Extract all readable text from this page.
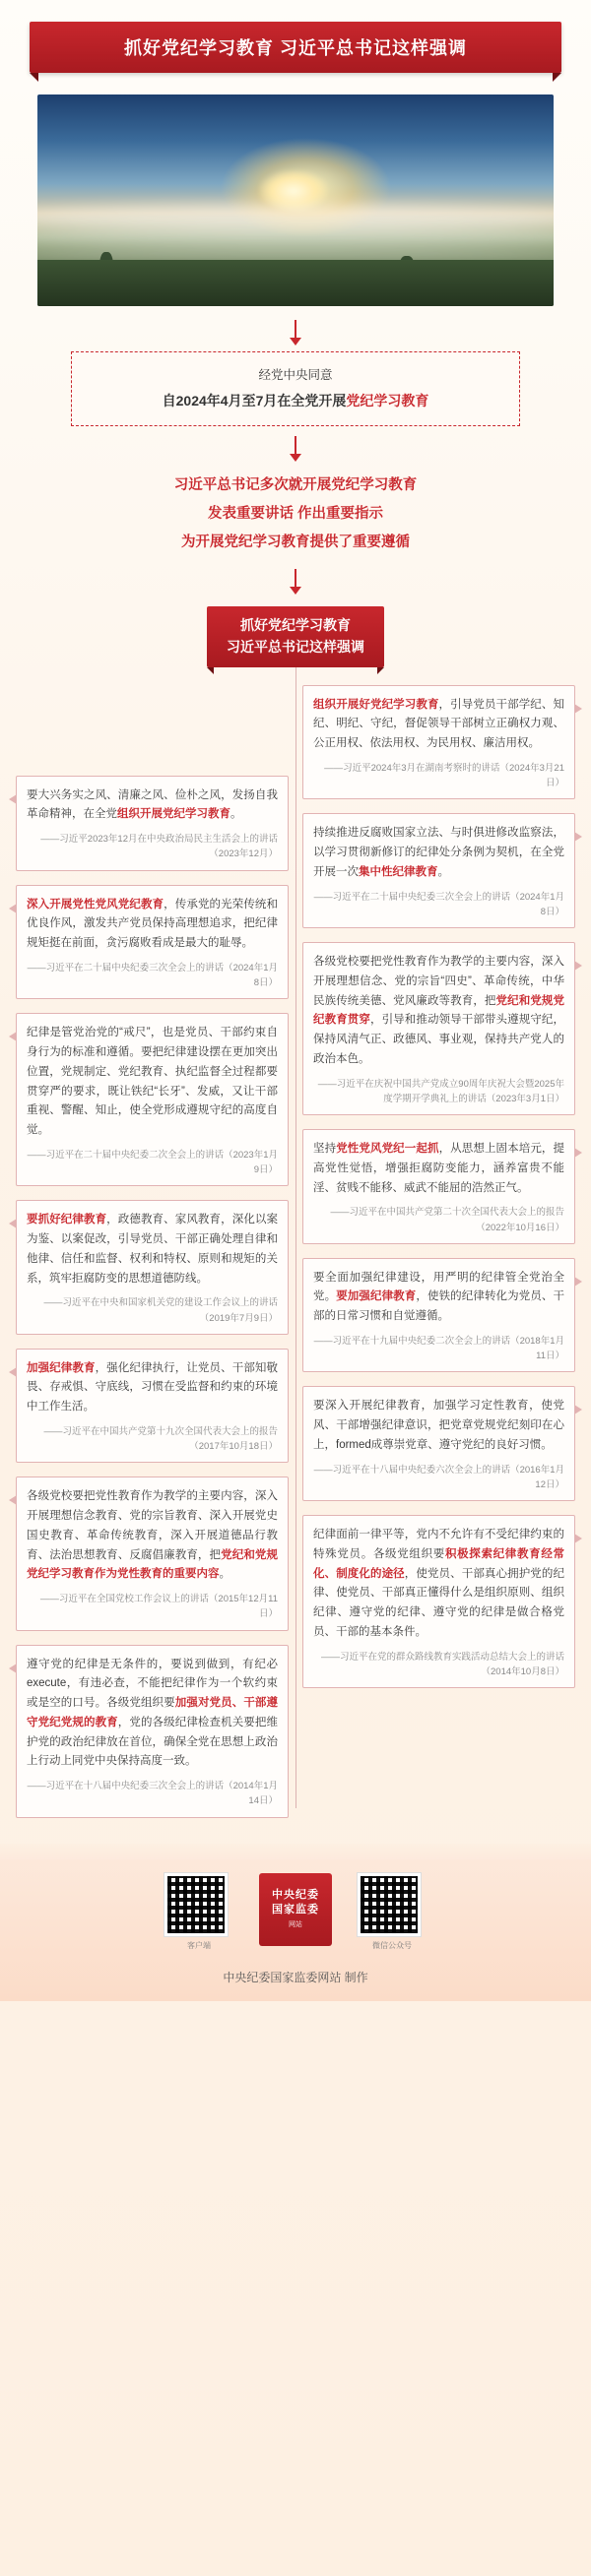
抓好党纪学习教育 习近平总书记这样强调
经党中央同意
自2024年4月至7月在全党开展党纪学习教育
习近平总书记多次就开展党纪学习教育
发表重要讲话 作出重要指示
为开展党纪学习教育提供了重要遵循
抓好党纪学习教育
习近平总书记这样强调
要大兴务实之风、清廉之风、俭朴之风，发扬自我革命精神，在全党组织开展党纪学习教育。
——习近平2023年12月在中央政治局民主生活会上的讲话（2023年12月）
深入开展党性党风党纪教育，传承党的光荣传统和优良作风，激发共产党员保持高理想追求，把纪律规矩挺在前面，贪污腐败看成是最大的耻辱。
——习近平在二十届中央纪委三次全会上的讲话（2024年1月8日）
纪律是管党治党的“戒尺”，也是党员、干部约束自身行为的标准和遵循。要把纪律建设摆在更加突出位置，党规制定、党纪教育、执纪监督全过程都要贯穿严的要求，既让铁纪“长牙”、发威，又让干部重视、警醒、知止，使全党形成遵规守纪的高度自觉。
——习近平在二十届中央纪委二次全会上的讲话（2023年1月9日）
要抓好纪律教育，政德教育、家风教育，深化以案为鉴、以案促改，引导党员、干部正确处理自律和他律、信任和监督、权利和特权、原则和规矩的关系，筑牢拒腐防变的思想道德防线。
——习近平在中央和国家机关党的建设工作会议上的讲话（2019年7月9日）
加强纪律教育，强化纪律执行，让党员、干部知敬畏、存戒惧、守底线，习惯在受监督和约束的环境中工作生活。
——习近平在中国共产党第十九次全国代表大会上的报告（2017年10月18日）
各级党校要把党性教育作为教学的主要内容，深入开展理想信念教育、党的宗旨教育、深入开展党史国史教育、革命传统教育，深入开展道德品行教育、法治思想教育、反腐倡廉教育，把党纪和党规党纪学习教育作为党性教育的重要内容。
——习近平在全国党校工作会议上的讲话（2015年12月11日）
遵守党的纪律是无条件的，要说到做到，有纪必execute，有违必查，不能把纪律作为一个软约束或是空的口号。各级党组织要加强对党员、干部遵守党纪党规的教育，党的各级纪律检查机关要把维护党的政治纪律放在首位，确保全党在思想上政治上行动上同党中央保持高度一致。
——习近平在十八届中央纪委三次全会上的讲话（2014年1月14日）
组织开展好党纪学习教育，引导党员干部学纪、知纪、明纪、守纪，督促领导干部树立正确权力观、公正用权、依法用权、为民用权、廉洁用权。
——习近平2024年3月在湖南考察时的讲话（2024年3月21日）
持续推进反腐败国家立法、与时俱进修改监察法，以学习贯彻新修订的纪律处分条例为契机，在全党开展一次集中性纪律教育。
——习近平在二十届中央纪委三次全会上的讲话（2024年1月8日）
各级党校要把党性教育作为教学的主要内容，深入开展理想信念、党的宗旨“四史”、革命传统，中华民族传统美德、党风廉政等教育，把党纪和党规党纪教育贯穿，引导和推动领导干部带头遵规守纪，保持风清气正、政德风、事业观，保持共产党人的政治本色。
——习近平在庆祝中国共产党成立90周年庆祝大会暨2025年度学期开学典礼上的讲话（2023年3月1日）
坚持党性党风党纪一起抓，从思想上固本培元，提高党性觉悟，增强拒腐防变能力，涵养富贵不能淫、贫贱不能移、威武不能屈的浩然正气。
——习近平在中国共产党第二十次全国代表大会上的报告（2022年10月16日）
要全面加强纪律建设，用严明的纪律管全党治全党。要加强纪律教育，使铁的纪律转化为党员、干部的日常习惯和自觉遵循。
——习近平在十九届中央纪委二次全会上的讲话（2018年1月11日）
要深入开展纪律教育，加强学习定性教育，使党风、干部增强纪律意识，把党章党规党纪刻印在心上，formed成尊崇党章、遵守党纪的良好习惯。
——习近平在十八届中央纪委六次全会上的讲话（2016年1月12日）
纪律面前一律平等，党内不允许有不受纪律约束的特殊党员。各级党组织要积极探索纪律教育经常化、制度化的途径，使党员、干部真心拥护党的纪律、使党员、干部真正懂得什么是组织原则、组织纪律、遵守党的纪律、遵守党的纪律是做合格党员、干部的基本条件。
——习近平在党的群众路线教育实践活动总结大会上的讲话（2014年10月8日）
客户端
中央纪委
国家监委
网站
微信公众号
中央纪委国家监委网站 制作
